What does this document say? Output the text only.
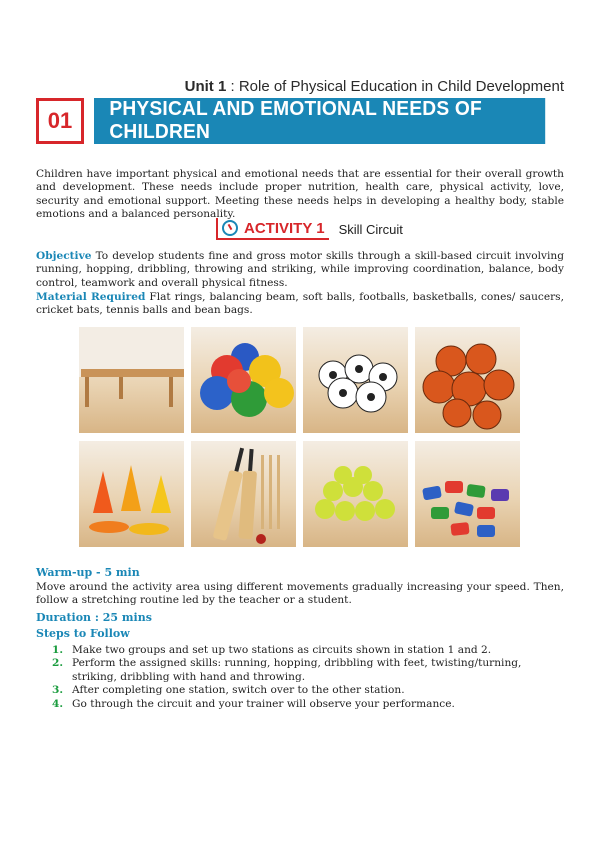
Unit 1 : Role of Physical Education in Child Development
01	PHYSICAL AND EMOTIONAL NEEDS OF CHILDREN
Children have important physical and emotional needs that are essential for their overall growth and development. These needs include proper nutrition, health care, physical activity, love, security and emotional support. Meeting these needs helps in developing a healthy body, stable emotions and a balanced personality.
ACTIVITY 1 Skill Circuit
Objective To develop students fine and gross motor skills through a skill-based circuit involving running, hopping, dribbling, throwing and striking, while improving coordination, balance, body control, teamwork and overall physical fitness.
Material Required Flat rings, balancing beam, soft balls, footballs, basketballs, cones/ saucers, cricket bats, tennis balls and bean bags.
Warm-up - 5 min
Move around the activity area using different movements gradually increasing your speed. Then, follow a stretching routine led by the teacher or a student.
Duration : 25 mins
Steps to Follow
1. Make two groups and set up two stations as circuits shown in station 1 and 2.
2. Perform the assigned skills: running, hopping, dribbling with feet, twisting/turning, striking, dribbling with hand and throwing.
3. After completing one station, switch over to the other station.
4. Go through the circuit and your trainer will observe your performance.
